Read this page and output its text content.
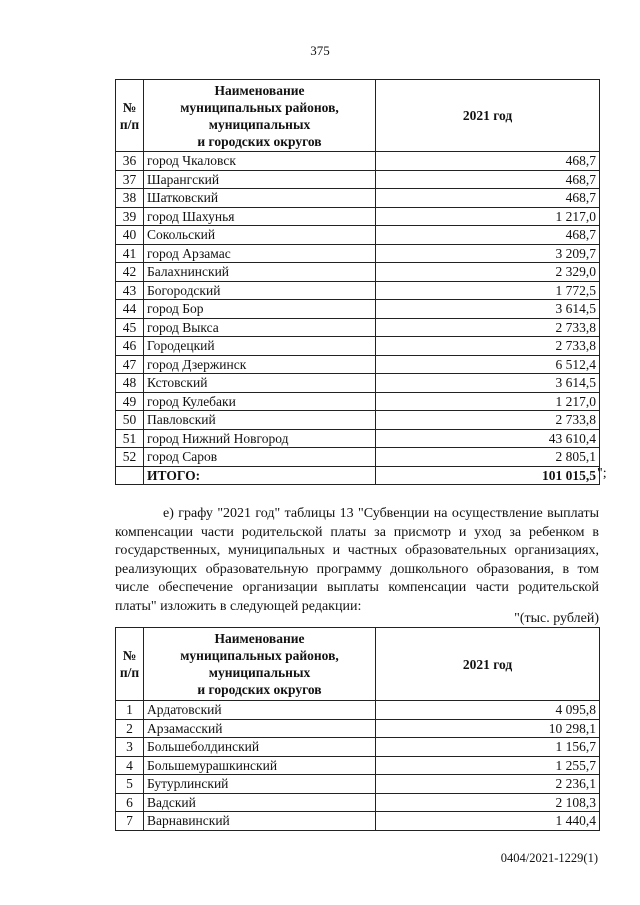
375
№
п/п	Наименование
муниципальных районов,
муниципальных
и городских округов	2021 год
36	город Чкаловск	468,7
37	Шарангский	468,7
38	Шатковский	468,7
39	город Шахунья	1 217,0
40	Сокольский	468,7
41	город Арзамас	3 209,7
42	Балахнинский	2 329,0
43	Богородский	1 772,5
44	город Бор	3 614,5
45	город Выкса	2 733,8
46	Городецкий	2 733,8
47	город Дзержинск	6 512,4
48	Кстовский	3 614,5
49	город Кулебаки	1 217,0
50	Павловский	2 733,8
51	город Нижний Новгород	43 610,4
52	город Саров	2 805,1
	ИТОГО:	101 015,5 ";
е) графу "2021 год" таблицы 13 "Субвенции на осуществление выплаты компенсации части родительской платы за присмотр и уход за ребенком в государственных, муниципальных и частных образовательных организациях, реализующих образовательную программу дошкольного образования, в том числе обеспечение организации выплаты компенсации части родительской платы" изложить в следующей редакции:
"(тыс. рублей)
№
п/п	Наименование
муниципальных районов,
муниципальных
и городских округов	2021 год
1	Ардатовский	4 095,8
2	Арзамасский	10 298,1
3	Большеболдинский	1 156,7
4	Большемурашкинский	1 255,7
5	Бутурлинский	2 236,1
6	Вадский	2 108,3
7	Варнавинский	1 440,4
0404/2021-1229(1)
